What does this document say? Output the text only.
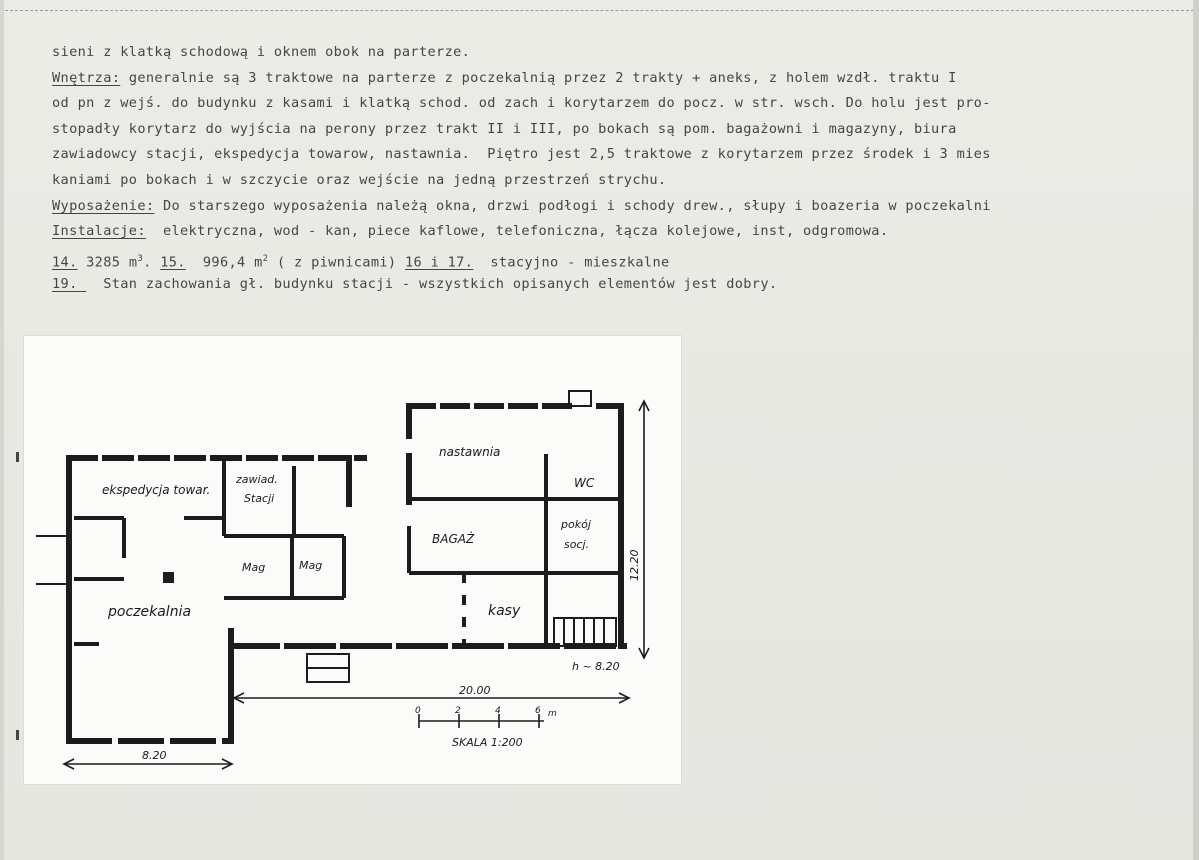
sieni z klatką schodową i oknem obok na parterze.
Wnętrza: generalnie są 3 traktowe na parterze z poczekalnią przez 2 trakty + aneks, z holem wzdł. traktu I
od pn z wejś. do budynku z kasami i klatką schod. od zach i korytarzem do pocz. w str. wsch. Do holu jest pro-
stopadły korytarz do wyjścia na perony przez trakt II i III, po bokach są pom. bagażowni i magazyny, biura
zawiadowcy stacji, ekspedycja towarow, nastawnia.  Piętro jest 2,5 traktowe z korytarzem przez środek i 3 mies
kaniami po bokach i w szczycie oraz wejście na jedną przestrzeń strychu.
Wyposażenie: Do starszego wyposażenia należą okna, drzwi podłogi i schody drew., słupy i boazeria w poczekalni
Instalacje:  elektryczna, wod - kan, piece kaflowe, telefoniczna, łącza kolejowe, inst, odgromowa.
14. 3285 $m^3$. 15.  996,4 $m^2$ ( z piwnicami) 16 i 17.  stacyjno - mieszkalne
19.   Stan zachowania gł. budynku stacji - wszystkich opisanych elementów jest dobry.
ekspedycja towar.
zawiad.
Stacji
Mag	Mag
poczekalnia
nastawnia
WC
BAGAŻ
pokój
socj.
kasy
12.20
h ~ 8.20
20.00
8.20
0	2	4	6 m
SKALA 1:200
